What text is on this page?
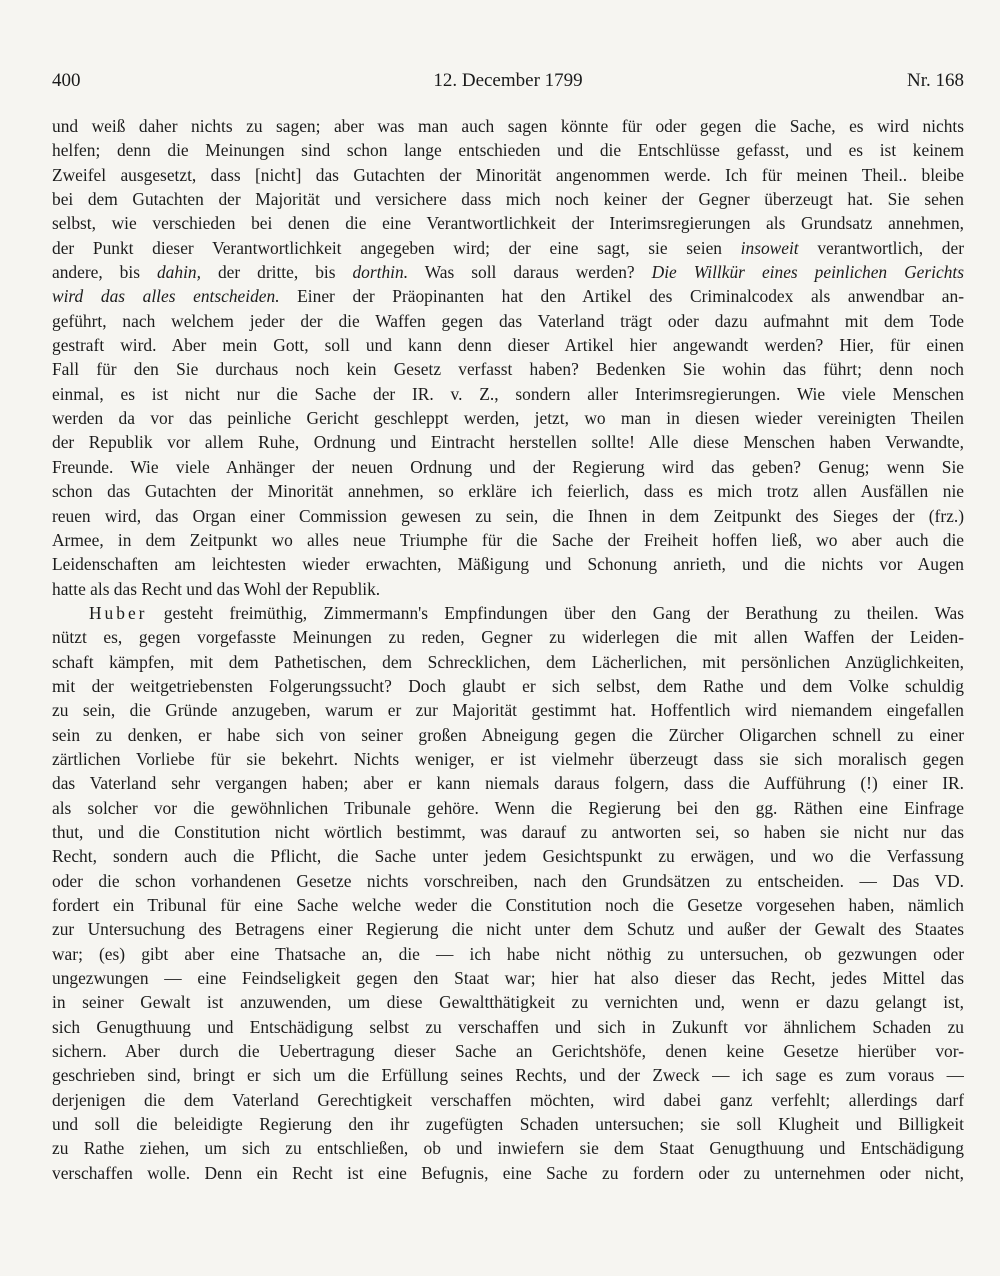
400	12. December 1799	Nr. 168
und weiß daher nichts zu sagen; aber was man auch sagen könnte für oder gegen die Sache, es wird nichts
helfen; denn die Meinungen sind schon lange entschieden und die Entschlüsse gefasst, und es ist keinem
Zweifel ausgesetzt, dass [nicht] das Gutachten der Minorität angenommen werde. Ich für meinen Theil.. bleibe
bei dem Gutachten der Majorität und versichere dass mich noch keiner der Gegner überzeugt hat. Sie sehen
selbst, wie verschieden bei denen die eine Verantwortlichkeit der Interimsregierungen als Grundsatz annehmen,
der Punkt dieser Verantwortlichkeit angegeben wird; der eine sagt, sie seien insoweit verantwortlich, der
andere, bis dahin, der dritte, bis dorthin. Was soll daraus werden? Die Willkür eines peinlichen Gerichts
wird das alles entscheiden. Einer der Präopinanten hat den Artikel des Criminalcodex als anwendbar an-
geführt, nach welchem jeder der die Waffen gegen das Vaterland trägt oder dazu aufmahnt mit dem Tode
gestraft wird. Aber mein Gott, soll und kann denn dieser Artikel hier angewandt werden? Hier, für einen
Fall für den Sie durchaus noch kein Gesetz verfasst haben? Bedenken Sie wohin das führt; denn noch
einmal, es ist nicht nur die Sache der IR. v. Z., sondern aller Interimsregierungen. Wie viele Menschen
werden da vor das peinliche Gericht geschleppt werden, jetzt, wo man in diesen wieder vereinigten Theilen
der Republik vor allem Ruhe, Ordnung und Eintracht herstellen sollte! Alle diese Menschen haben Verwandte,
Freunde. Wie viele Anhänger der neuen Ordnung und der Regierung wird das geben? Genug; wenn Sie
schon das Gutachten der Minorität annehmen, so erkläre ich feierlich, dass es mich trotz allen Ausfällen nie
reuen wird, das Organ einer Commission gewesen zu sein, die Ihnen in dem Zeitpunkt des Sieges der (frz.)
Armee, in dem Zeitpunkt wo alles neue Triumphe für die Sache der Freiheit hoffen ließ, wo aber auch die
Leidenschaften am leichtesten wieder erwachten, Mäßigung und Schonung anrieth, und die nichts vor Augen
hatte als das Recht und das Wohl der Republik.
Huber gesteht freimüthig, Zimmermann's Empfindungen über den Gang der Berathung zu theilen. Was
nützt es, gegen vorgefasste Meinungen zu reden, Gegner zu widerlegen die mit allen Waffen der Leiden-
schaft kämpfen, mit dem Pathetischen, dem Schrecklichen, dem Lächerlichen, mit persönlichen Anzüglichkeiten,
mit der weitgetriebensten Folgerungssucht? Doch glaubt er sich selbst, dem Rathe und dem Volke schuldig
zu sein, die Gründe anzugeben, warum er zur Majorität gestimmt hat. Hoffentlich wird niemandem eingefallen
sein zu denken, er habe sich von seiner großen Abneigung gegen die Zürcher Oligarchen schnell zu einer
zärtlichen Vorliebe für sie bekehrt. Nichts weniger, er ist vielmehr überzeugt dass sie sich moralisch gegen
das Vaterland sehr vergangen haben; aber er kann niemals daraus folgern, dass die Aufführung (!) einer IR.
als solcher vor die gewöhnlichen Tribunale gehöre. Wenn die Regierung bei den gg. Räthen eine Einfrage
thut, und die Constitution nicht wörtlich bestimmt, was darauf zu antworten sei, so haben sie nicht nur das
Recht, sondern auch die Pflicht, die Sache unter jedem Gesichtspunkt zu erwägen, und wo die Verfassung
oder die schon vorhandenen Gesetze nichts vorschreiben, nach den Grundsätzen zu entscheiden. — Das VD.
fordert ein Tribunal für eine Sache welche weder die Constitution noch die Gesetze vorgesehen haben, nämlich
zur Untersuchung des Betragens einer Regierung die nicht unter dem Schutz und außer der Gewalt des Staates
war; (es) gibt aber eine Thatsache an, die — ich habe nicht nöthig zu untersuchen, ob gezwungen oder
ungezwungen — eine Feindseligkeit gegen den Staat war; hier hat also dieser das Recht, jedes Mittel das
in seiner Gewalt ist anzuwenden, um diese Gewaltthätigkeit zu vernichten und, wenn er dazu gelangt ist,
sich Genugthuung und Entschädigung selbst zu verschaffen und sich in Zukunft vor ähnlichem Schaden zu
sichern. Aber durch die Uebertragung dieser Sache an Gerichtshöfe, denen keine Gesetze hierüber vor-
geschrieben sind, bringt er sich um die Erfüllung seines Rechts, und der Zweck — ich sage es zum voraus —
derjenigen die dem Vaterland Gerechtigkeit verschaffen möchten, wird dabei ganz verfehlt; allerdings darf
und soll die beleidigte Regierung den ihr zugefügten Schaden untersuchen; sie soll Klugheit und Billigkeit
zu Rathe ziehen, um sich zu entschließen, ob und inwiefern sie dem Staat Genugthuung und Entschädigung
verschaffen wolle. Denn ein Recht ist eine Befugnis, eine Sache zu fordern oder zu unternehmen oder nicht,
